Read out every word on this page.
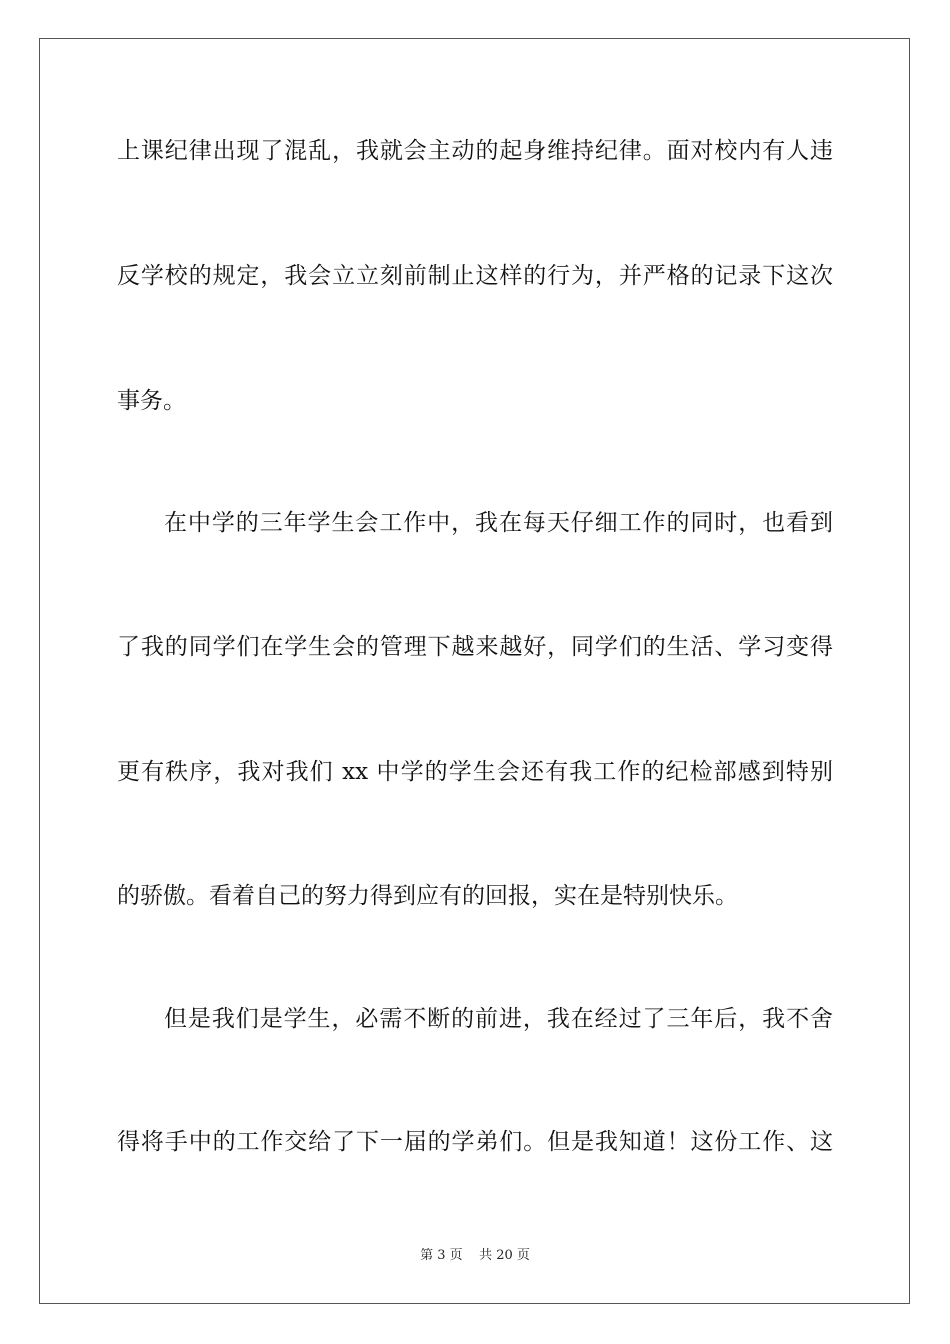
上课纪律出现了混乱，我就会主动的起身维持纪律。面对校内有人违
反学校的规定，我会立立刻前制止这样的行为，并严格的记录下这次
事务。
在中学的三年学生会工作中，我在每天仔细工作的同时，也看到
了我的同学们在学生会的管理下越来越好，同学们的生活、学习变得
更有秩序，我对我们 xx 中学的学生会还有我工作的纪检部感到特别
的骄傲。看着自己的努力得到应有的回报，实在是特别快乐。
但是我们是学生，必需不断的前进，我在经过了三年后，我不舍
得将手中的工作交给了下一届的学弟们。但是我知道！这份工作、这
第 3 页    共 20 页
